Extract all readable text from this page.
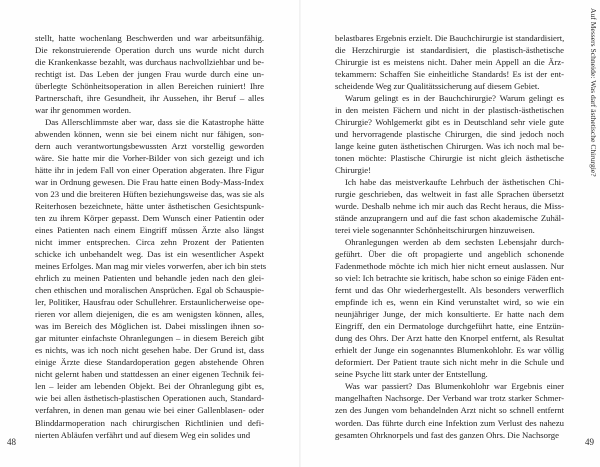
stellt, hatte wochenlang Beschwerden und war arbeitsunfähig.
Die rekonstruierende Operation durch uns wurde nicht durch
die Krankenkasse bezahlt, was durchaus nachvollziehbar und be-
rechtigt ist. Das Leben der jungen Frau wurde durch eine un-
überlegte Schönheitsoperation in allen Bereichen ruiniert! Ihre
Partnerschaft, ihre Gesundheit, ihr Aussehen, ihr Beruf – alles
war ihr genommen worden.

Das Allerschlimmste aber war, dass sie die Katastrophe hätte
abwenden können, wenn sie bei einem nicht nur fähigen, son-
dern auch verantwortungsbewussten Arzt vorstellig geworden
wäre. Sie hatte mir die Vorher-Bilder von sich gezeigt und ich
hätte ihr in jedem Fall von einer Operation abgeraten. Ihre Figur
war in Ordnung gewesen. Die Frau hatte einen Body-Mass-Index
von 23 und die breiteren Hüften beziehungsweise das, was sie als
Reiterhosen bezeichnete, hätte unter ästhetischen Gesichtspunk-
ten zu ihrem Körper gepasst. Dem Wunsch einer Patientin oder
eines Patienten nach einem Eingriff müssen Ärzte also längst
nicht immer entsprechen. Circa zehn Prozent der Patienten
schicke ich unbehandelt weg. Das ist ein wesentlicher Aspekt
meines Erfolges. Man mag mir vieles vorwerfen, aber ich bin stets
ehrlich zu meinen Patienten und behandle jeden nach den glei-
chen ethischen und moralischen Ansprüchen. Egal ob Schauspie-
ler, Politiker, Hausfrau oder Schullehrer. Erstaunlicherweise ope-
rieren vor allem diejenigen, die es am wenigsten können, alles,
was im Bereich des Möglichen ist. Dabei misslingen ihnen so-
gar mitunter einfachste Ohranlegungen – in diesem Bereich gibt
es nichts, was ich noch nicht gesehen habe. Der Grund ist, dass
einige Ärzte diese Standardoperation gegen abstehende Ohren
nicht gelernt haben und stattdessen an einer eigenen Technik fei-
len – leider am lebenden Objekt. Bei der Ohranlegung gibt es,
wie bei allen ästhetisch-plastischen Operationen auch, Standard-
verfahren, in denen man genau wie bei einer Gallenblasen- oder
Blinddarmoperation nach chirurgischen Richtlinien und defi-
nierten Abläufen verfährt und auf diesem Weg ein solides und

48

belastbares Ergebnis erzielt. Die Bauchchirurgie ist standardisiert,
die Herzchirurgie ist standardisiert, die plastisch-ästhetische
Chirurgie ist es meistens nicht. Daher mein Appell an die Ärz-
tekammern: Schaffen Sie einheitliche Standards! Es ist der ent-
scheidende Weg zur Qualitätssicherung auf diesem Gebiet.

Warum gelingt es in der Bauchchirurgie? Warum gelingt es
in den meisten Fächern und nicht in der plastisch-ästhetischen
Chirurgie? Wohlgemerkt gibt es in Deutschland sehr viele gute
und hervorragende plastische Chirurgen, die sind jedoch noch
lange keine guten ästhetischen Chirurgen. Was ich noch mal be-
tonen möchte: Plastische Chirurgie ist nicht gleich ästhetische
Chirurgie!

Ich habe das meistverkaufte Lehrbuch der ästhetischen Chi-
rurgie geschrieben, das weltweit in fast alle Sprachen übersetzt
wurde. Deshalb nehme ich mir auch das Recht heraus, die Miss-
stände anzuprangern und auf die fast schon akademische Zuhäl-
terei viele sogenannter Schönheitschirurgen hinzuweisen.

Ohranlegungen werden ab dem sechsten Lebensjahr durch-
geführt. Über die oft propagierte und angeblich schonende
Fadenmethode möchte ich mich hier nicht erneut auslassen. Nur
so viel: Ich betrachte sie kritisch, habe schon so einige Fäden ent-
fernt und das Ohr wiederhergestellt. Als besonders verwerflich
empfinde ich es, wenn ein Kind verunstaltet wird, so wie ein
neunjähriger Junge, der mich konsultierte. Er hatte nach dem
Eingriff, den ein Dermatologe durchgeführt hatte, eine Entzün-
dung des Ohrs. Der Arzt hatte den Knorpel entfernt, als Resultat
erhielt der Junge ein sogenanntes Blumenkohlohr. Es war völlig
deformiert. Der Patient traute sich nicht mehr in die Schule und
seine Psyche litt stark unter der Entstellung.

Was war passiert? Das Blumenkohlohr war Ergebnis einer
mangelhaften Nachsorge. Der Verband war trotz starker Schmer-
zen des Jungen vom behandelnden Arzt nicht so schnell entfernt
worden. Das führte durch eine Infektion zum Verlust des nahezu
gesamten Ohrknorpels und fast des ganzen Ohrs. Die Nachsorge

49
Auf Messers Schneide: Was darf ästhetische Chirurgie?
